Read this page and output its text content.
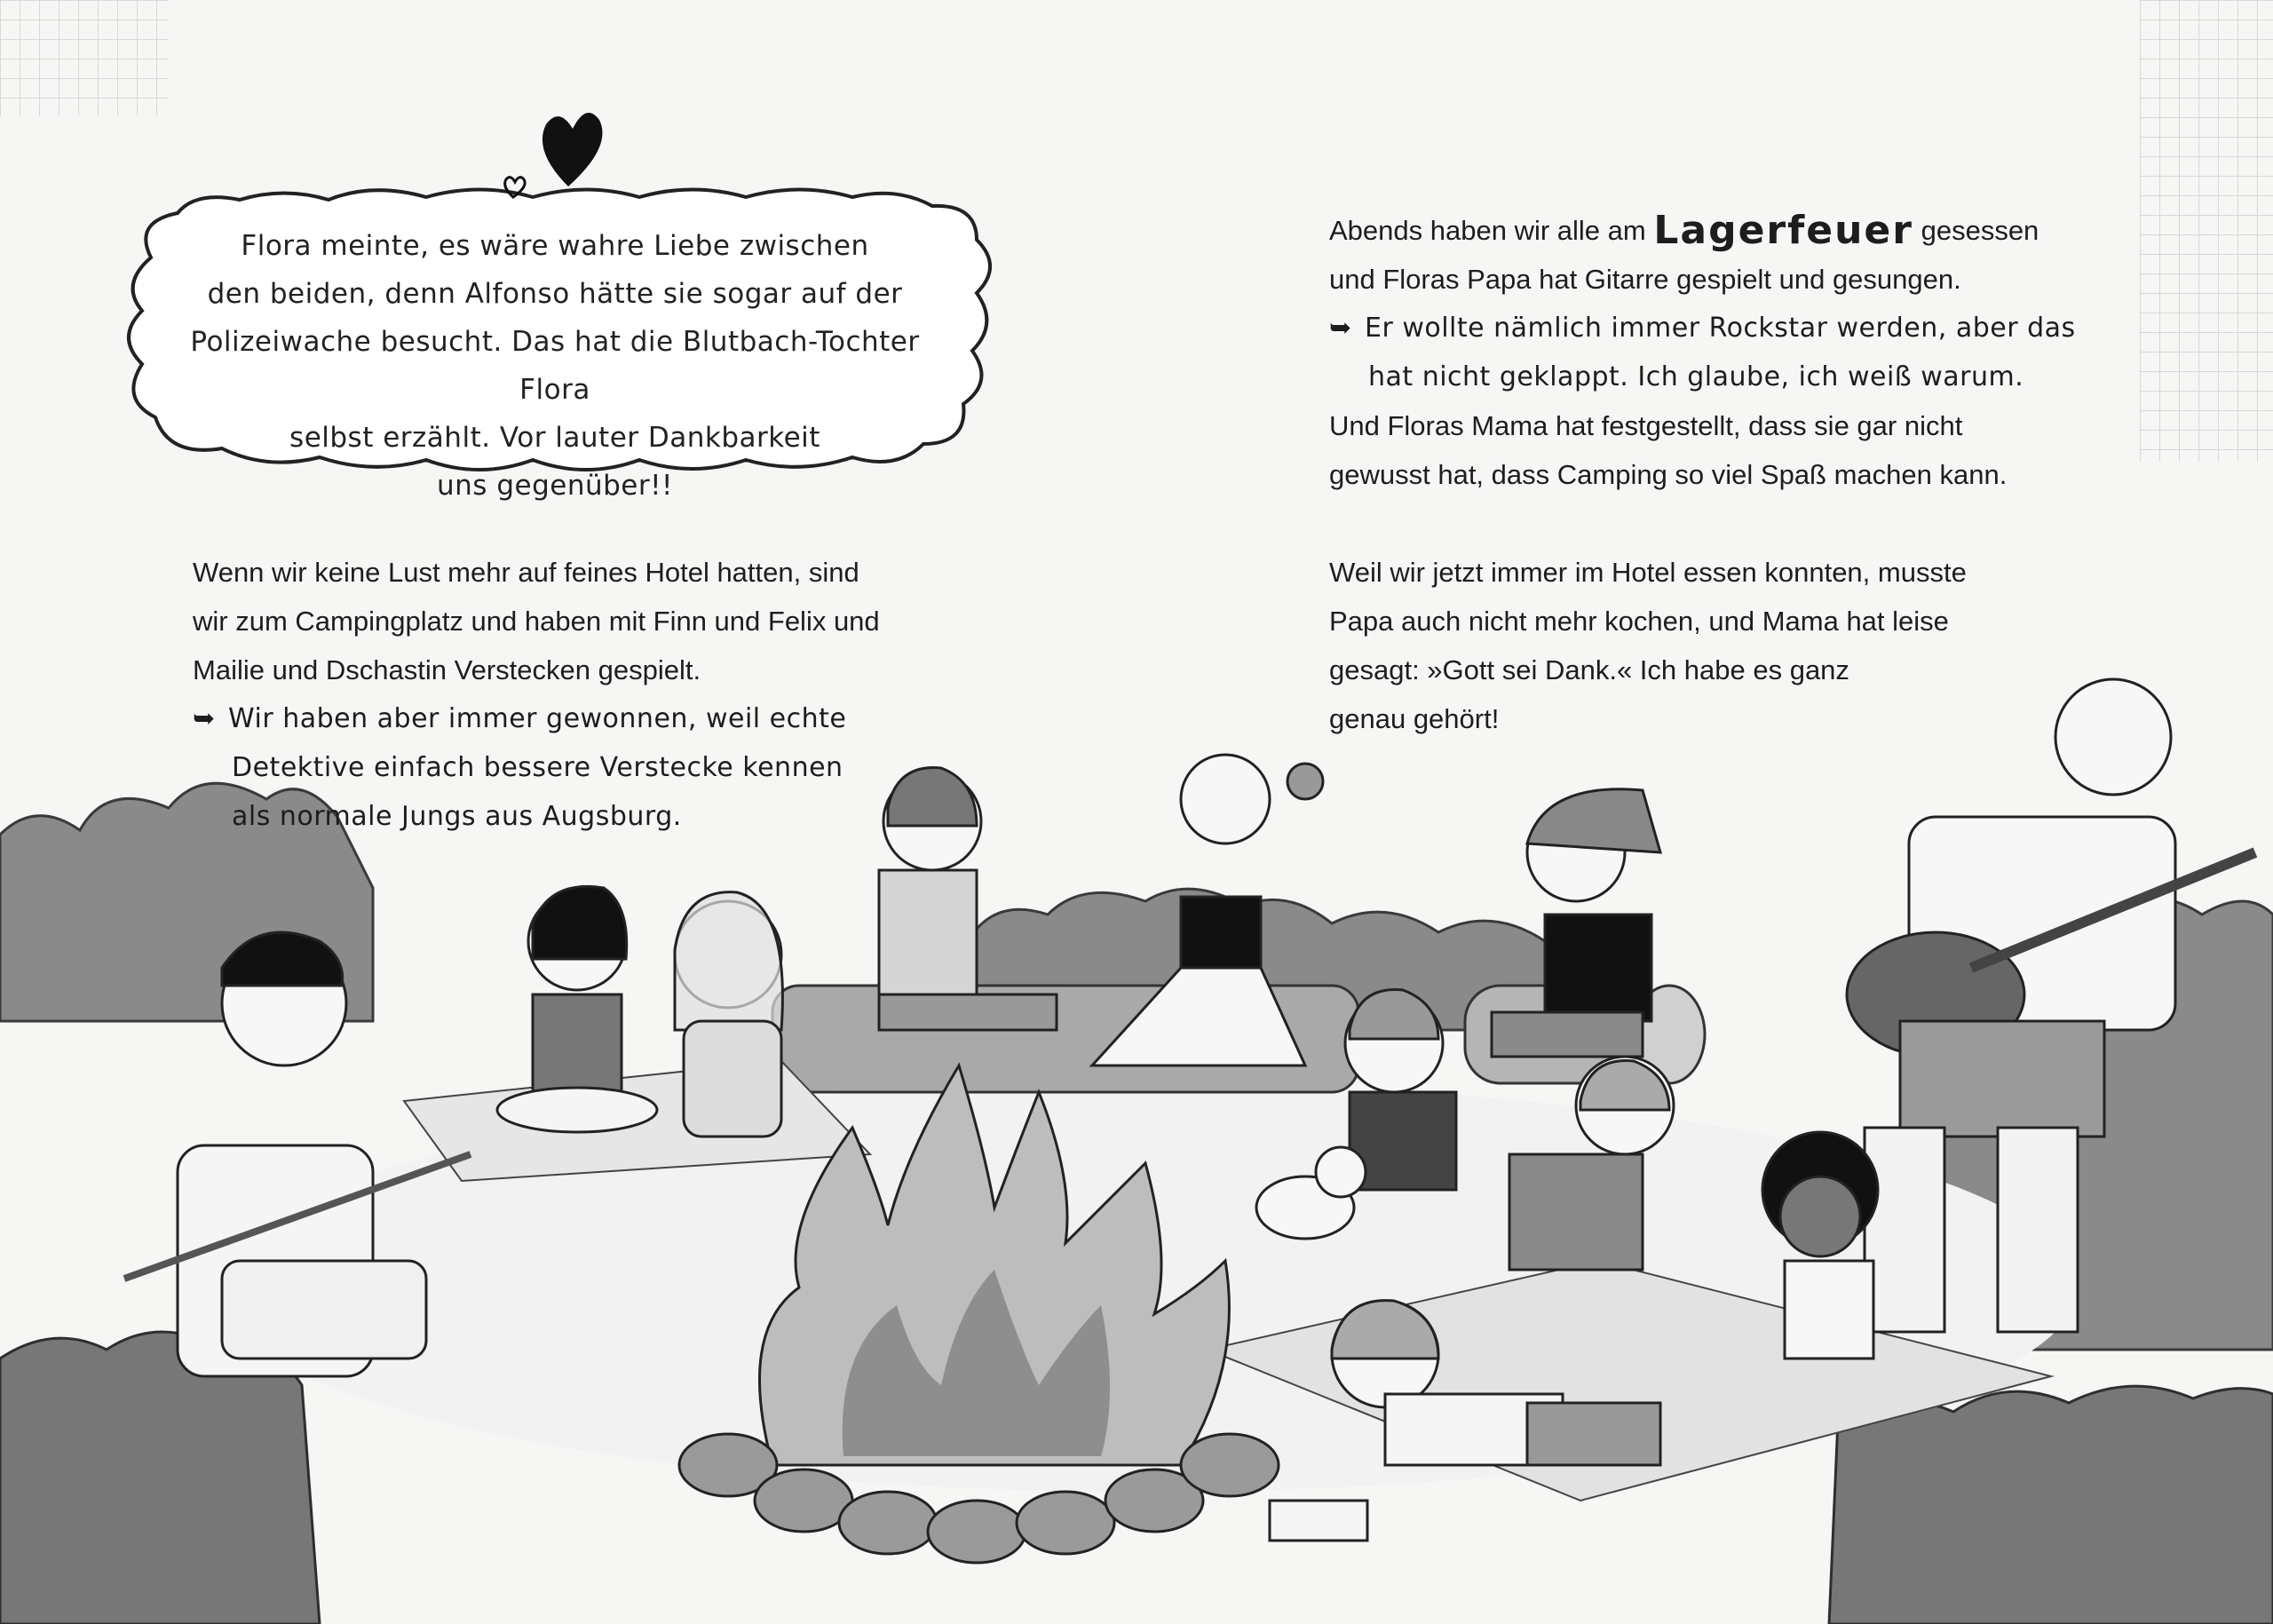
Flora meinte, es wäre wahre Liebe zwischen
den beiden, denn Alfonso hätte sie sogar auf der
Polizeiwache besucht. Das hat die Blutbach-Tochter Flora
selbst erzählt. Vor lauter Dankbarkeit
uns gegenüber!!
Wenn wir keine Lust mehr auf feines Hotel hatten, sind
wir zum Campingplatz und haben mit Finn und Felix und
Mailie und Dschastin Verstecken gespielt.
➥ Wir haben aber immer gewonnen, weil echte
Detektive einfach bessere Verstecke kennen
als normale Jungs aus Augsburg.
Abends haben wir alle am Lagerfeuer gesessen
und Floras Papa hat Gitarre gespielt und gesungen.
➥ Er wollte nämlich immer Rockstar werden, aber das
hat nicht geklappt. Ich glaube, ich weiß warum.
Und Floras Mama hat festgestellt, dass sie gar nicht
gewusst hat, dass Camping so viel Spaß machen kann.
Weil wir jetzt immer im Hotel essen konnten, musste
Papa auch nicht mehr kochen, und Mama hat leise
gesagt: »Gott sei Dank.« Ich habe es ganz
genau gehört!
